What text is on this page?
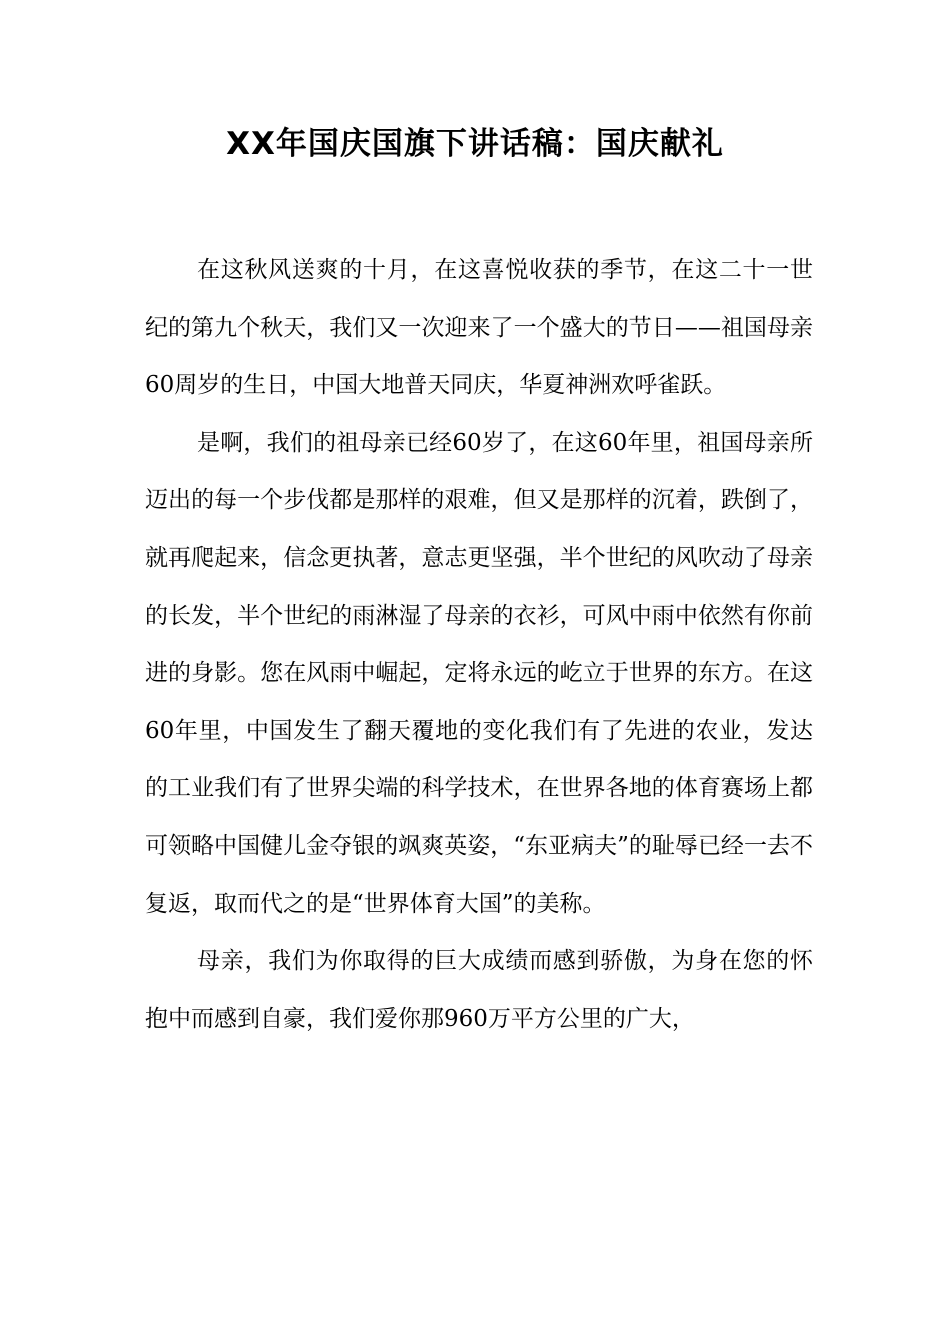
XX年国庆国旗下讲话稿：国庆献礼

在这秋风送爽的十月，在这喜悦收获的季节，在这二十一世纪的第九个秋天，我们又一次迎来了一个盛大的节日——祖国母亲60周岁的生日，中国大地普天同庆，华夏神洲欢呼雀跃。

是啊，我们的祖母亲已经60岁了，在这60年里，祖国母亲所迈出的每一个步伐都是那样的艰难，但又是那样的沉着，跌倒了，就再爬起来，信念更执著，意志更坚强，半个世纪的风吹动了母亲的长发，半个世纪的雨淋湿了母亲的衣衫，可风中雨中依然有你前进的身影。您在风雨中崛起，定将永远的屹立于世界的东方。在这60年里，中国发生了翻天覆地的变化我们有了先进的农业，发达的工业我们有了世界尖端的科学技术，在世界各地的体育赛场上都可领略中国健儿金夺银的飒爽英姿，“东亚病夫”的耻辱已经一去不复返，取而代之的是“世界体育大国”的美称。

母亲，我们为你取得的巨大成绩而感到骄傲，为身在您的怀抱中而感到自豪，我们爱你那960万平方公里的广大，
